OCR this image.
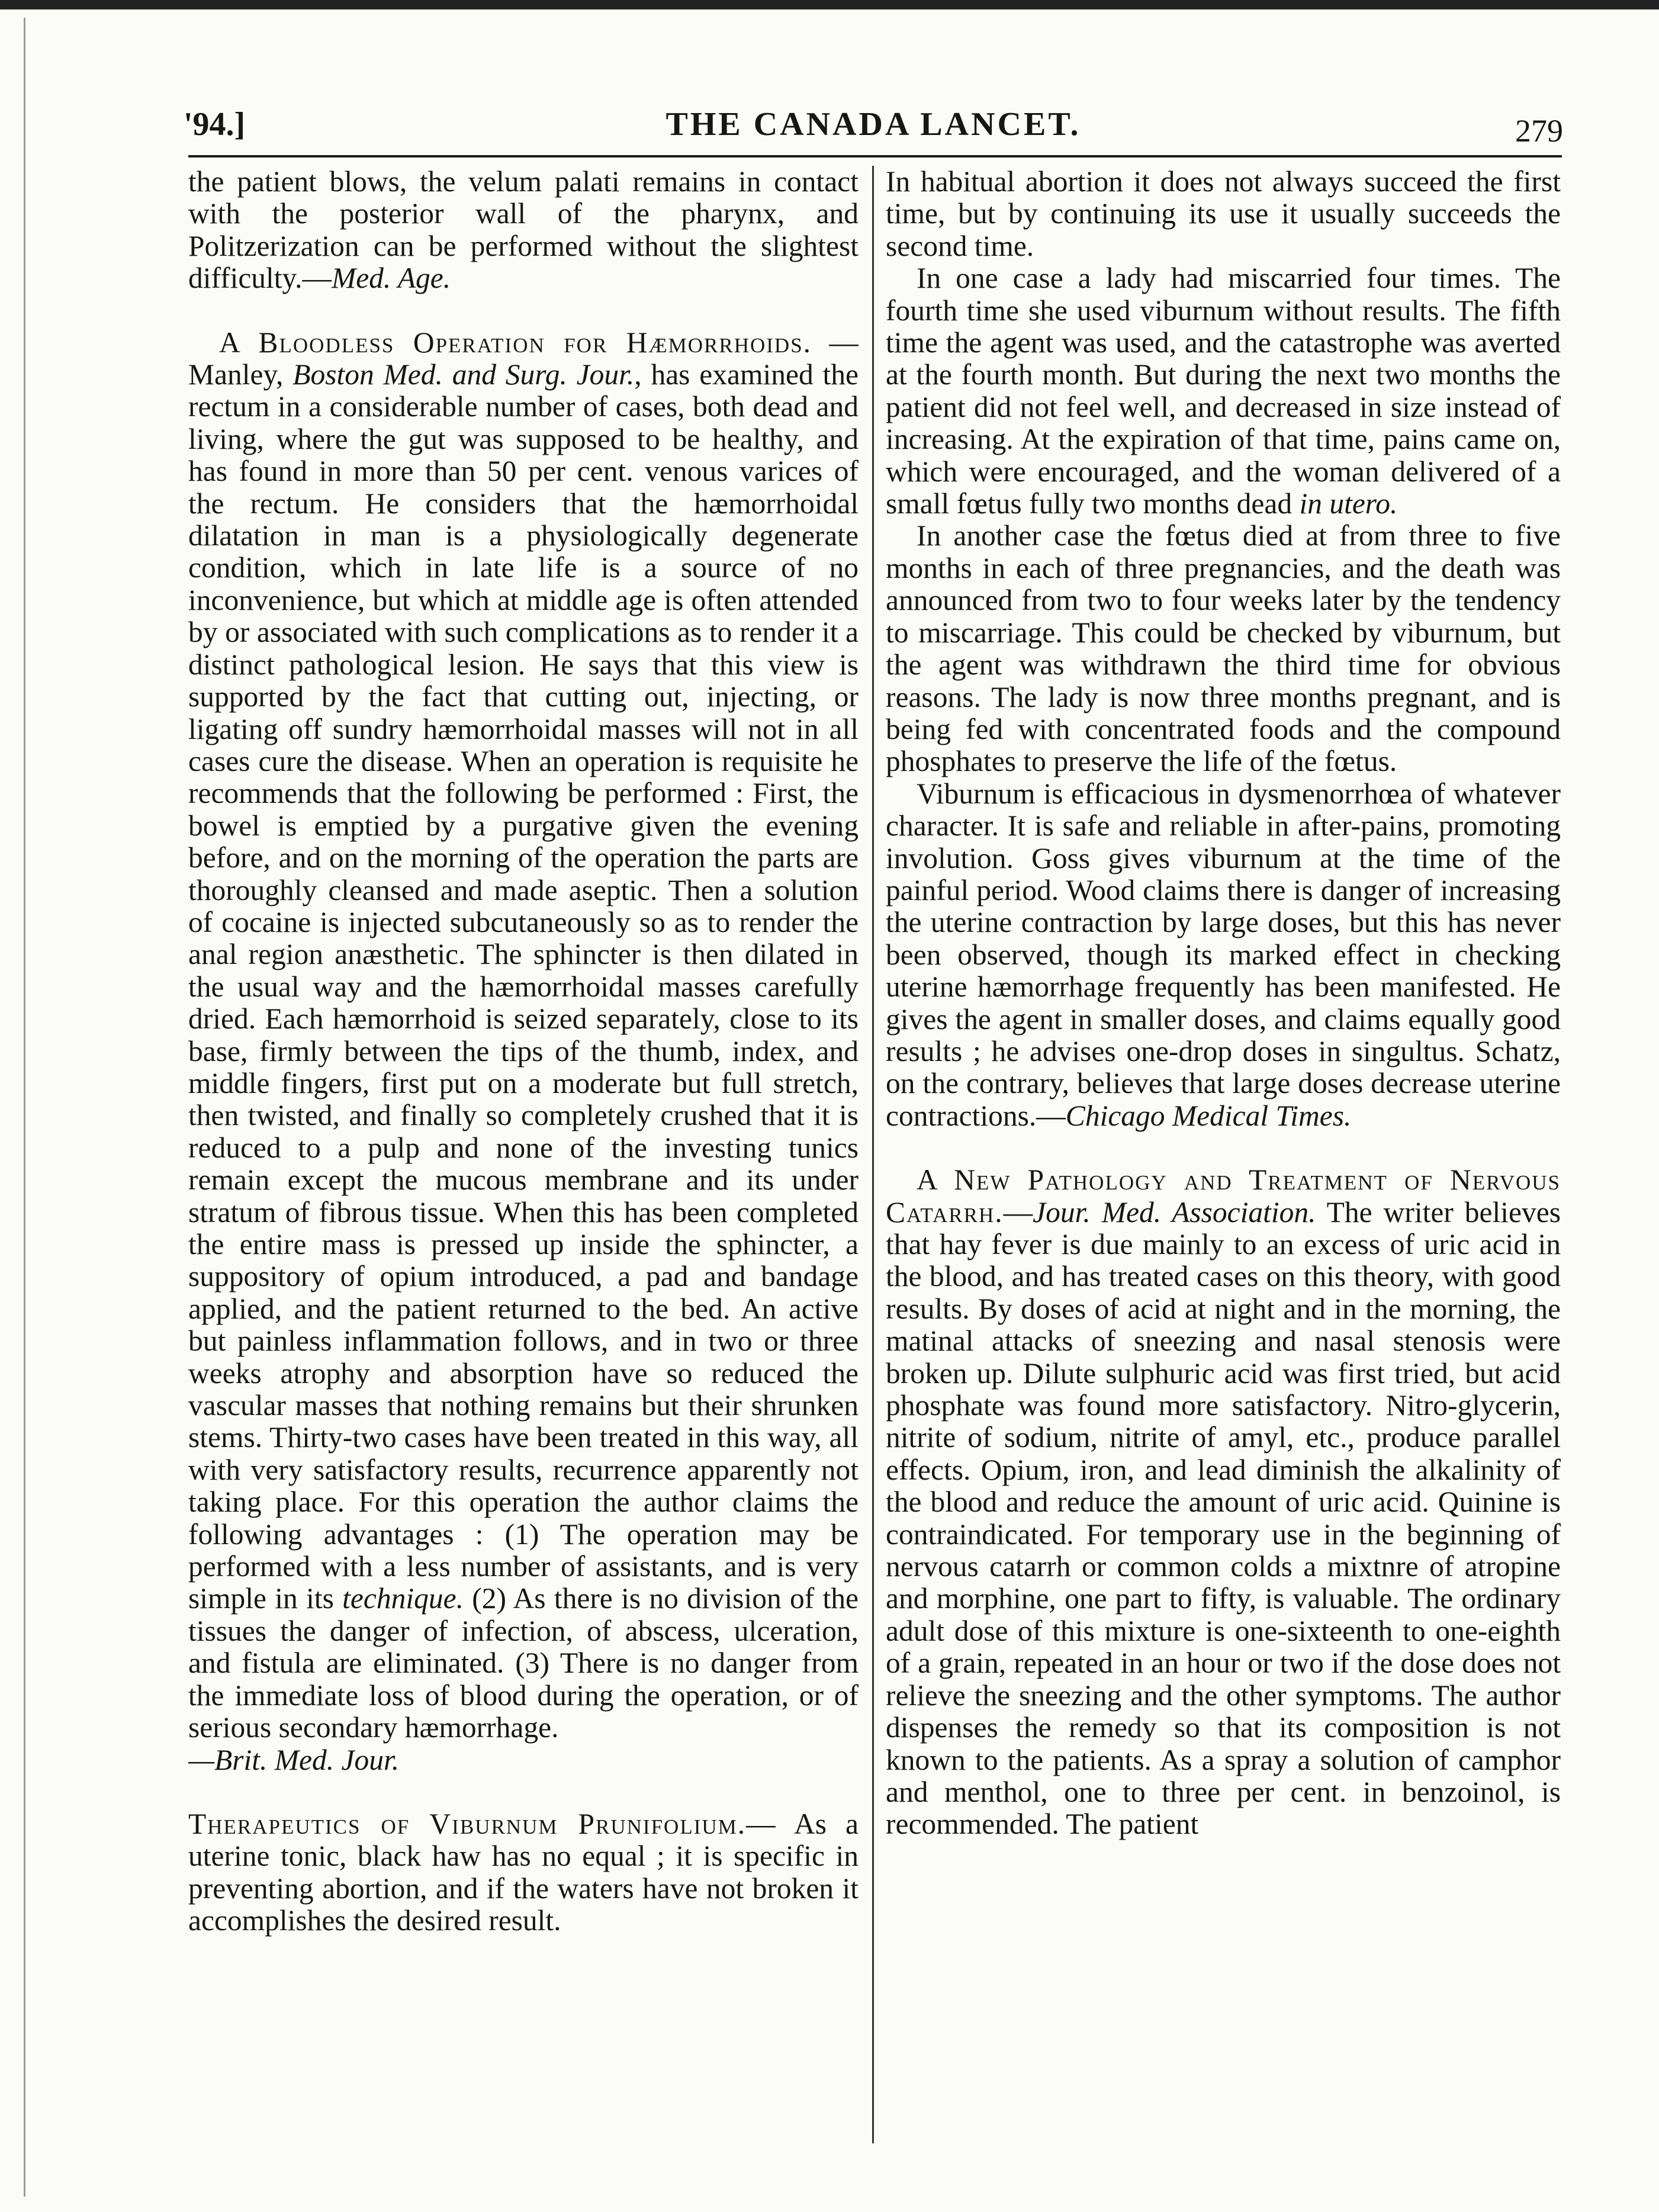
'94.]	THE CANADA LANCET.	279

the patient blows, the velum palati remains in contact with the posterior wall of the pharynx, and Politzerization can be performed without the slightest difficulty.—Med. Age.

A Bloodless Operation for Hæmorrhoids. —Manley, Boston Med. and Surg. Jour., has examined the rectum in a considerable number of cases, both dead and living, where the gut was supposed to be healthy, and has found in more than 50 per cent. venous varices of the rectum. He considers that the hæmorrhoidal dilatation in man is a physiologically degenerate condition, which in late life is a source of no inconvenience, but which at middle age is often attended by or associated with such complications as to render it a distinct pathological lesion. He says that this view is supported by the fact that cutting out, injecting, or ligating off sundry hæmorrhoidal masses will not in all cases cure the disease. When an operation is requisite he recommends that the following be performed : First, the bowel is emptied by a purgative given the evening before, and on the morning of the operation the parts are thoroughly cleansed and made aseptic. Then a solution of cocaine is injected subcutaneously so as to render the anal region anæsthetic. The sphincter is then dilated in the usual way and the hæmorrhoidal masses carefully dried. Each hæmorrhoid is seized separately, close to its base, firmly between the tips of the thumb, index, and middle fingers, first put on a moderate but full stretch, then twisted, and finally so completely crushed that it is reduced to a pulp and none of the investing tunics remain except the mucous membrane and its under stratum of fibrous tissue. When this has been completed the entire mass is pressed up inside the sphincter, a suppository of opium introduced, a pad and bandage applied, and the patient returned to the bed. An active but painless inflammation follows, and in two or three weeks atrophy and absorption have so reduced the vascular masses that nothing remains but their shrunken stems. Thirty-two cases have been treated in this way, all with very satisfactory results, recurrence apparently not taking place. For this operation the author claims the following advantages : (1) The operation may be performed with a less number of assistants, and is very simple in its technique. (2) As there is no division of the tissues the danger of infection, of abscess, ulceration, and fistula are eliminated. (3) There is no danger from the immediate loss of blood during the operation, or of serious secondary hæmorrhage.

—Brit. Med. Jour.

Therapeutics of Viburnum Prunifolium.— As a uterine tonic, black haw has no equal ; it is specific in preventing abortion, and if the waters have not broken it accomplishes the desired result.

In habitual abortion it does not always succeed the first time, but by continuing its use it usually succeeds the second time.

In one case a lady had miscarried four times. The fourth time she used viburnum without results. The fifth time the agent was used, and the catastrophe was averted at the fourth month. But during the next two months the patient did not feel well, and decreased in size instead of increasing. At the expiration of that time, pains came on, which were encouraged, and the woman delivered of a small fœtus fully two months dead in utero.

In another case the fœtus died at from three to five months in each of three pregnancies, and the death was announced from two to four weeks later by the tendency to miscarriage. This could be checked by viburnum, but the agent was withdrawn the third time for obvious reasons. The lady is now three months pregnant, and is being fed with concentrated foods and the compound phosphates to preserve the life of the fœtus.

Viburnum is efficacious in dysmenorrhœa of whatever character. It is safe and reliable in after-pains, promoting involution. Goss gives viburnum at the time of the painful period. Wood claims there is danger of increasing the uterine contraction by large doses, but this has never been observed, though its marked effect in checking uterine hæmorrhage frequently has been manifested. He gives the agent in smaller doses, and claims equally good results ; he advises one-drop doses in singultus. Schatz, on the contrary, believes that large doses decrease uterine contractions.—Chicago Medical Times.

A New Pathology and Treatment of Nervous Catarrh.—Jour. Med. Association. The writer believes that hay fever is due mainly to an excess of uric acid in the blood, and has treated cases on this theory, with good results. By doses of acid at night and in the morning, the matinal attacks of sneezing and nasal stenosis were broken up. Dilute sulphuric acid was first tried, but acid phosphate was found more satisfactory. Nitro-glycerin, nitrite of sodium, nitrite of amyl, etc., produce parallel effects. Opium, iron, and lead diminish the alkalinity of the blood and reduce the amount of uric acid. Quinine is contraindicated. For temporary use in the beginning of nervous catarrh or common colds a mixtnre of atropine and morphine, one part to fifty, is valuable. The ordinary adult dose of this mixture is one-sixteenth to one-eighth of a grain, repeated in an hour or two if the dose does not relieve the sneezing and the other symptoms. The author dispenses the remedy so that its composition is not known to the patients. As a spray a solution of camphor and menthol, one to three per cent. in benzoinol, is recommended. The patient
